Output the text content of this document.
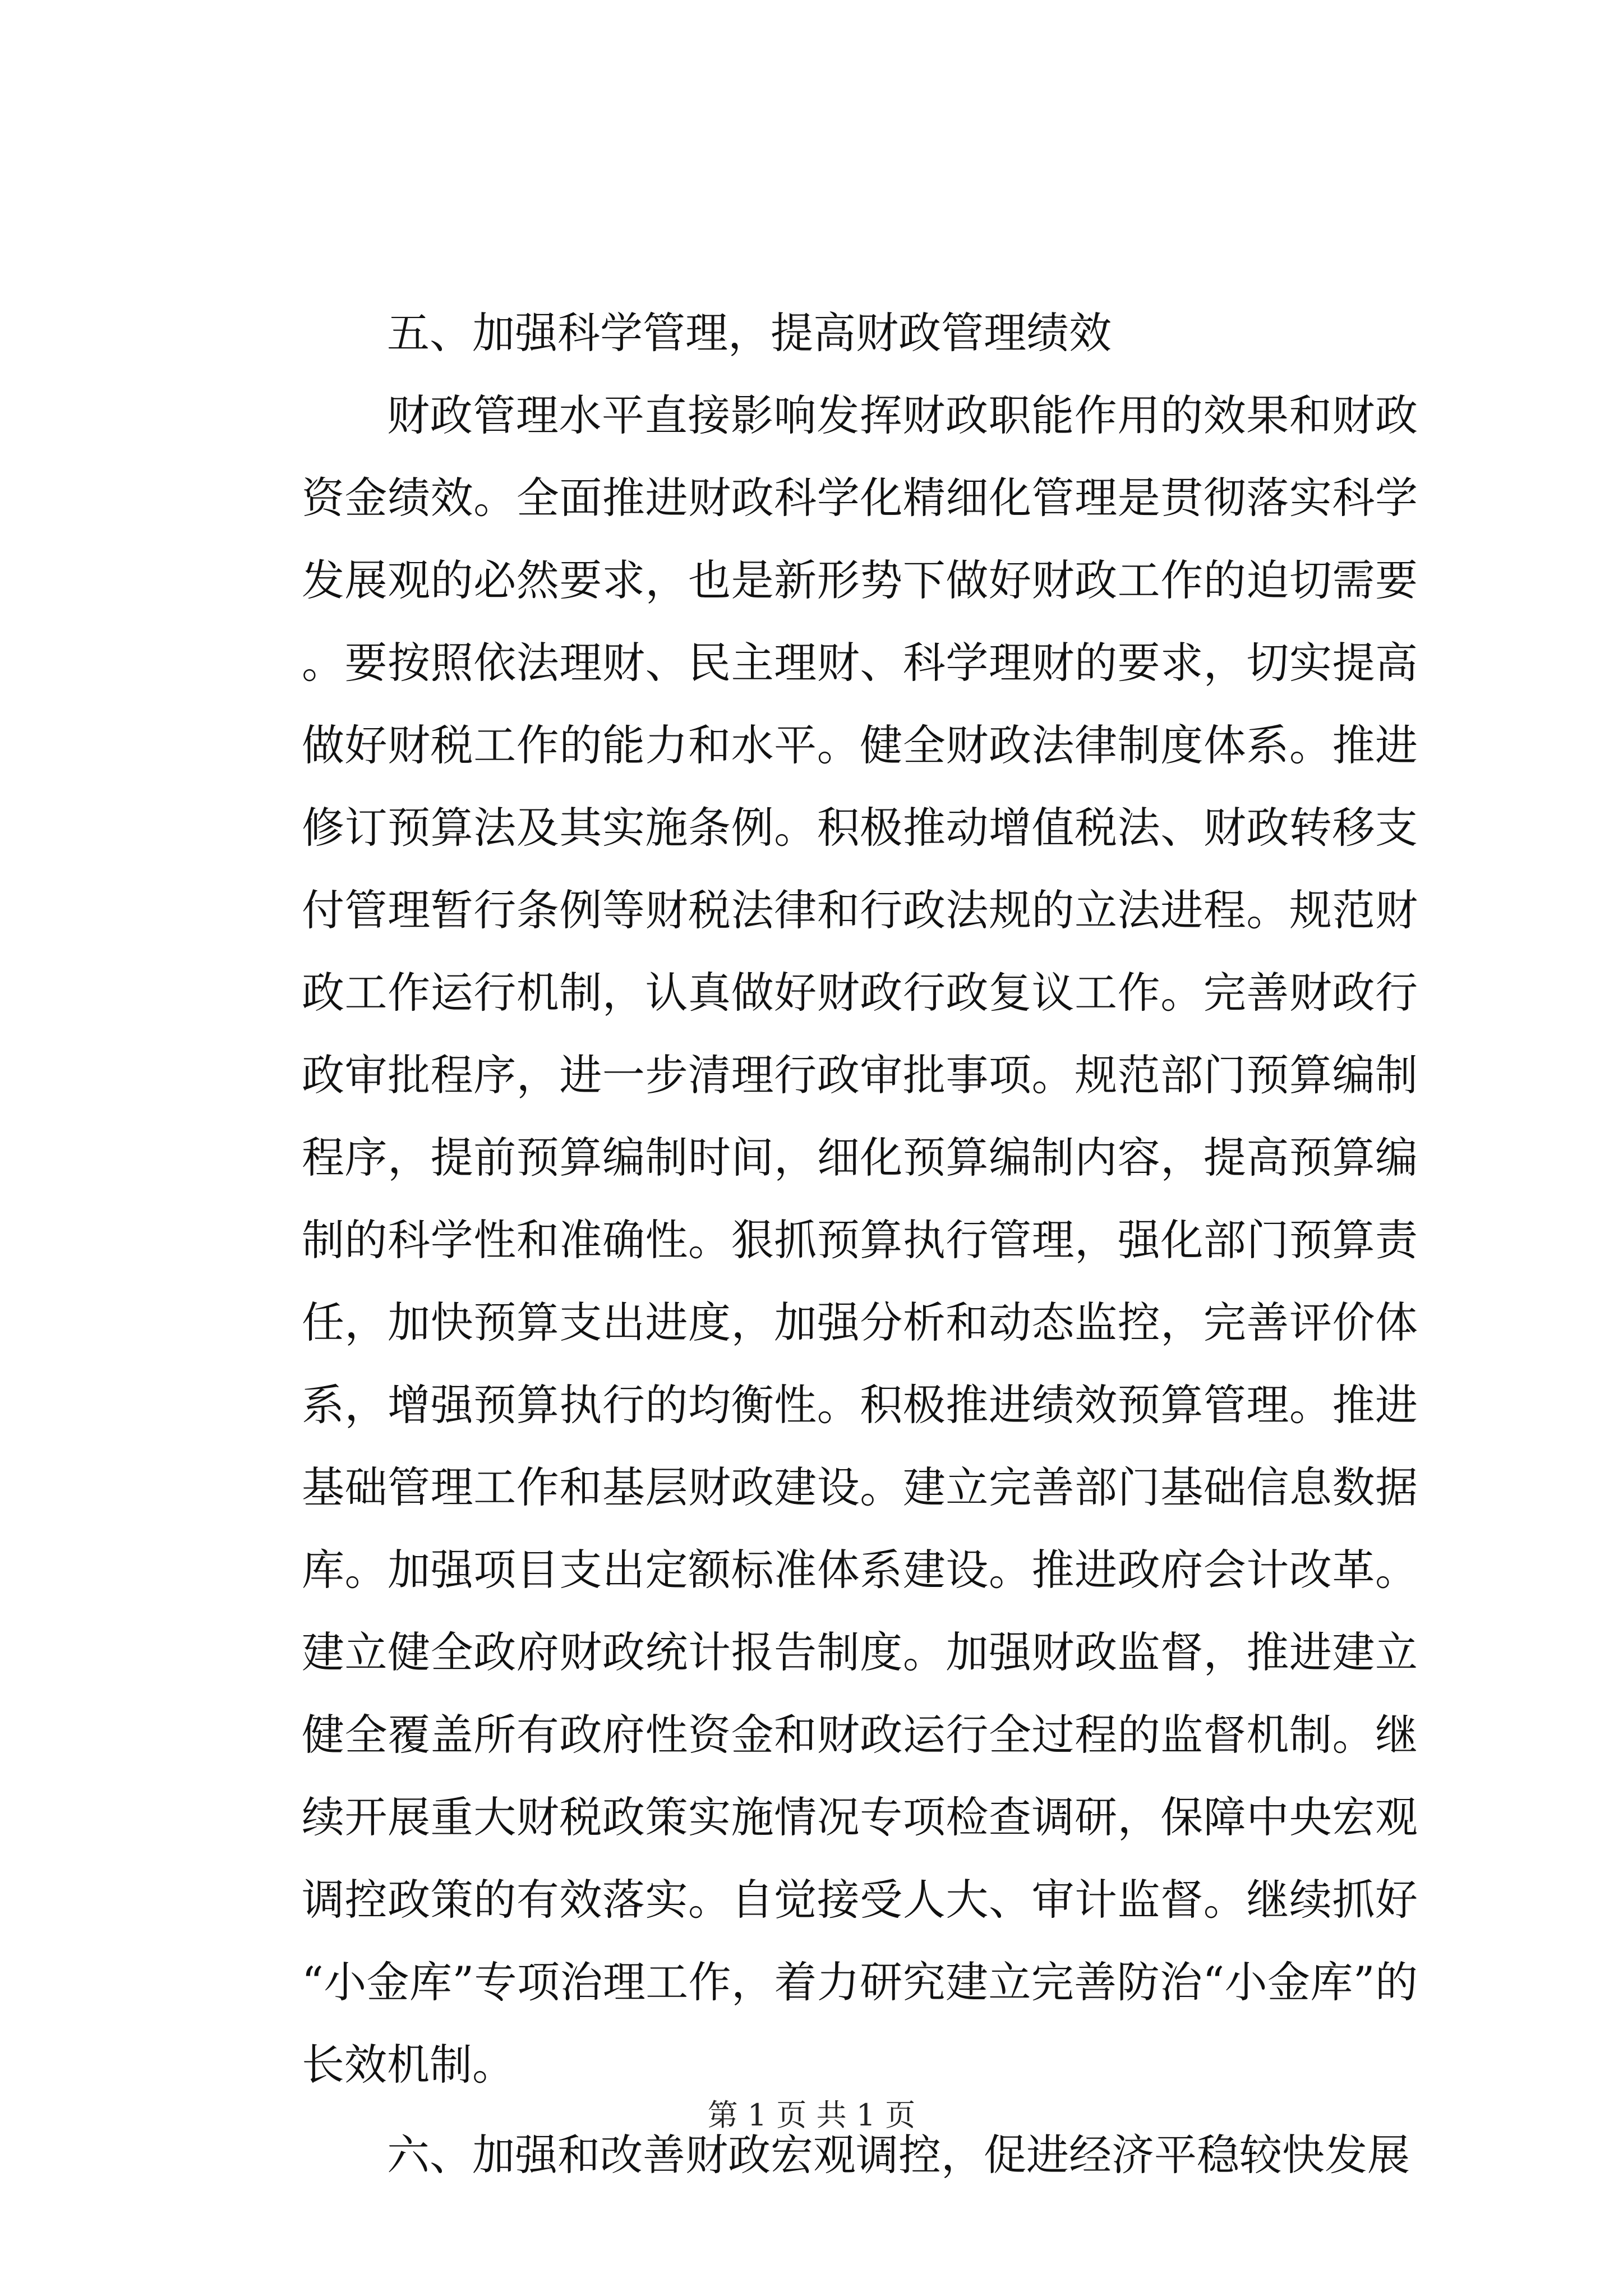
五、加强科学管理，提高财政管理绩效

财政管理水平直接影响发挥财政职能作用的效果和财政资金绩效。全面推进财政科学化精细化管理是贯彻落实科学发展观的必然要求，也是新形势下做好财政工作的迫切需要。要按照依法理财、民主理财、科学理财的要求，切实提高做好财税工作的能力和水平。健全财政法律制度体系。推进修订预算法及其实施条例。积极推动增值税法、财政转移支付管理暂行条例等财税法律和行政法规的立法进程。规范财政工作运行机制，认真做好财政行政复议工作。完善财政行政审批程序，进一步清理行政审批事项。规范部门预算编制程序，提前预算编制时间，细化预算编制内容，提高预算编制的科学性和准确性。狠抓预算执行管理，强化部门预算责任，加快预算支出进度，加强分析和动态监控，完善评价体系，增强预算执行的均衡性。积极推进绩效预算管理。推进基础管理工作和基层财政建设。建立完善部门基础信息数据库。加强项目支出定额标准体系建设。推进政府会计改革。建立健全政府财政统计报告制度。加强财政监督，推进建立健全覆盖所有政府性资金和财政运行全过程的监督机制。继续开展重大财税政策实施情况专项检查调研，保障中央宏观调控政策的有效落实。自觉接受人大、审计监督。继续抓好“小金库”专项治理工作，着力研究建立完善防治“小金库”的长效机制。

六、加强和改善财政宏观调控，促进经济平稳较快发展

第 1 页 共 1 页
